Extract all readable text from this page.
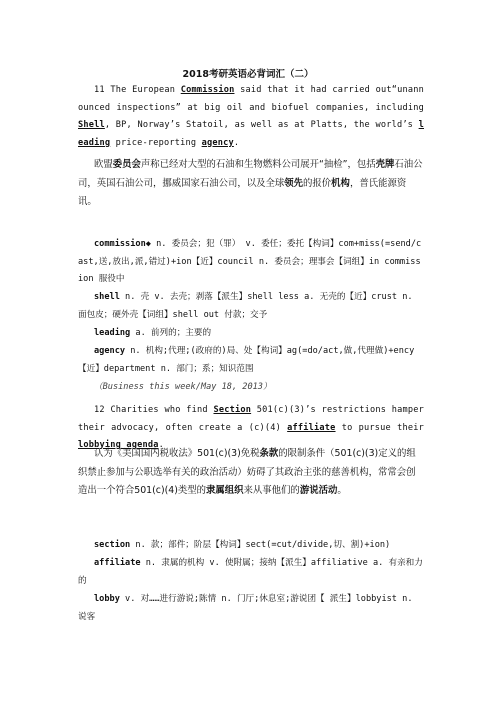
2018考研英语必背词汇（二）

11 The European Commission said that it had carried out“unannounced inspections” at big oil and biofuel companies, including Shell, BP, Norway’s Statoil, as well as at Platts, the world’s leading price-reporting agency.

欧盟委员会声称已经对大型的石油和生物燃料公司展开“抽检”，包括壳牌石油公司，英国石油公司，挪威国家石油公司，以及全球领先的报价机构，普氏能源资讯。

commission◆ n. 委员会；犯（罪） v. 委任；委托【构词】com+miss(=send/cast,送,放出,派,错过)+ion【近】council n. 委员会；理事会【词组】in commission 服役中

shell n. 壳 v. 去壳；剥落【派生】shell less a. 无壳的【近】crust n. 面包皮；硬外壳【词组】shell out 付款；交予

leading a. 前列的；主要的

agency n. 机构;代理;(政府的)局、处【构词】ag(=do/act,做,代理做)+ency【近】department n. 部门；系；知识范围

（Business this week/May 18, 2013）

12 Charities who find Section 501(c)(3)’s restrictions hamper their advocacy, often create a (c)(4) affiliate to pursue their lobbying agenda.

认为《美国国内税收法》501(c)(3)免税条款的限制条件（501(c)(3)定义的组织禁止参加与公职选举有关的政治活动）妨碍了其政治主张的慈善机构，常常会创造出一个符合501(c)(4)类型的隶属组织来从事他们的游说活动。

section n. 款；部件；阶层【构词】sect(=cut/divide,切、割)+ion)

affiliate n. 隶属的机构 v. 使附属；接纳【派生】affiliative a. 有亲和力的

lobby v. 对……进行游说;陈情 n. 门厅;休息室;游说团【 派生】lobbyist n. 说客
